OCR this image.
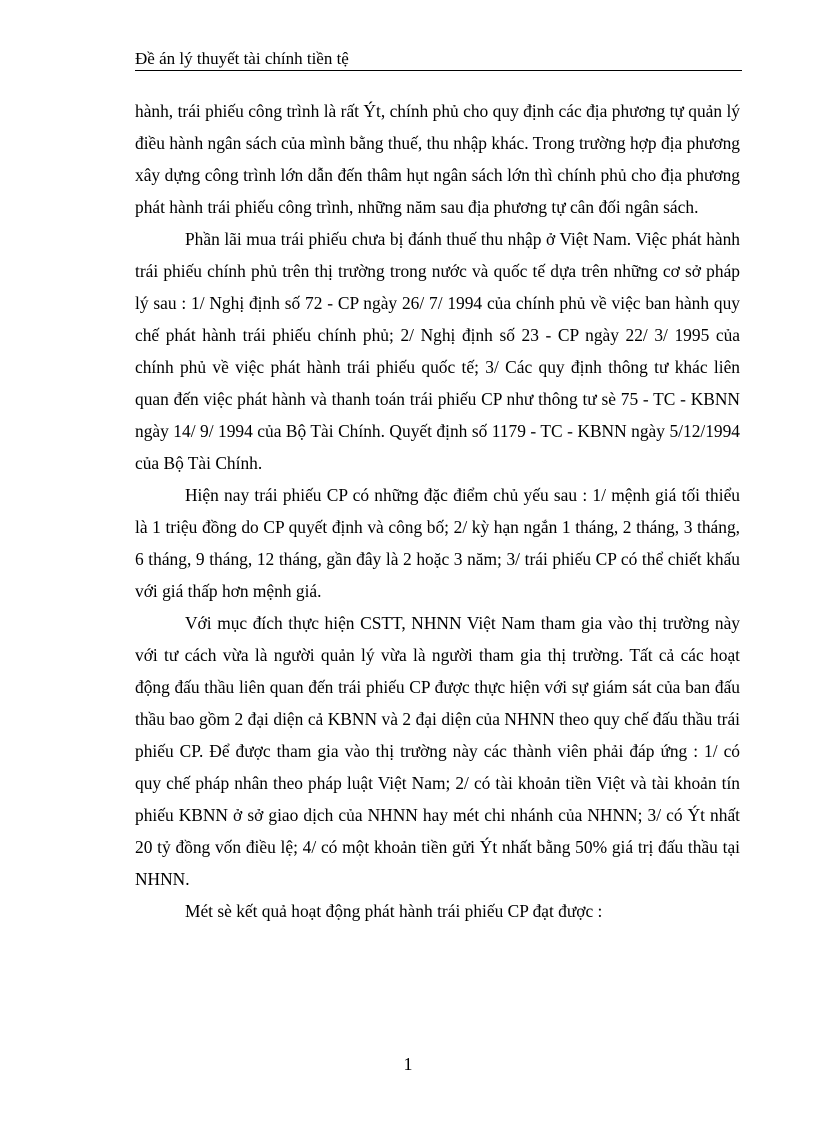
Đề án lý thuyết tài chính tiền tệ

hành, trái phiếu công trình là rất Ýt, chính phủ cho quy định các địa phương tự quản lý điều hành ngân sách của mình bằng thuế, thu nhập khác. Trong trường hợp địa phương xây dựng công trình lớn dẫn đến thâm hụt ngân sách lớn thì chính phủ cho địa phương phát hành trái phiếu công trình, những năm sau địa phương tự cân đối ngân sách.

Phần lãi mua trái phiếu chưa bị đánh thuế thu nhập ở Việt Nam. Việc phát hành trái phiếu chính phủ trên thị trường trong nước và quốc tế dựa trên những cơ sở pháp lý sau : 1/ Nghị định số 72 - CP ngày 26/ 7/ 1994 của chính phủ về việc ban hành quy chế phát hành trái phiếu chính phủ; 2/ Nghị định số 23 - CP ngày 22/ 3/ 1995 của chính phủ về việc phát hành trái phiếu quốc tế; 3/ Các quy định thông tư khác liên quan đến việc phát hành và thanh toán trái phiếu CP như thông tư sè 75 - TC - KBNN ngày 14/ 9/ 1994 của Bộ Tài Chính. Quyết định số 1179 - TC - KBNN ngày 5/12/1994 của Bộ Tài Chính.

Hiện nay trái phiếu CP có những đặc điểm chủ yếu sau : 1/ mệnh giá tối thiểu là 1 triệu đồng do CP quyết định và công bố; 2/ kỳ hạn ngắn 1 tháng, 2 tháng, 3 tháng, 6 tháng, 9 tháng, 12 tháng, gần đây là 2 hoặc 3 năm; 3/ trái phiếu CP có thể chiết khấu với giá thấp hơn mệnh giá.

Với mục đích thực hiện CSTT, NHNN Việt Nam tham gia vào thị trường này với tư cách vừa là người quản lý vừa là người tham gia thị trường. Tất cả các hoạt động đấu thầu liên quan đến trái phiếu CP được thực hiện với sự giám sát của ban đấu thầu bao gồm 2 đại diện cả KBNN và 2 đại diện của NHNN theo quy chế đấu thầu trái phiếu CP. Để được tham gia vào thị trường này các thành viên phải đáp ứng : 1/ có quy chế pháp nhân theo pháp luật Việt Nam; 2/ có tài khoản tiền Việt và tài khoản tín phiếu KBNN ở sở giao dịch của NHNN hay mét chi nhánh của NHNN; 3/ có Ýt nhất 20 tỷ đồng vốn điều lệ; 4/ có một khoản tiền gửi Ýt nhất bằng 50% giá trị đấu thầu tại NHNN.

Mét sè kết quả hoạt động phát hành trái phiếu CP đạt được :

1
